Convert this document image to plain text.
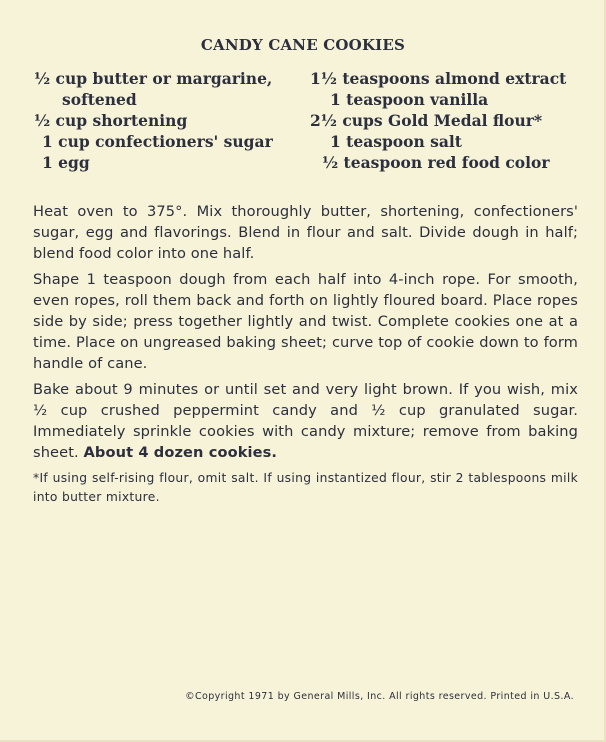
CANDY CANE COOKIES
½ cup butter or margarine,
softened
½ cup shortening
1 cup confectioners' sugar
1 egg
1½ teaspoons almond extract
1 teaspoon vanilla
2½ cups Gold Medal flour*
1 teaspoon salt
½ teaspoon red food color

Heat oven to 375°. Mix thoroughly butter, shortening, confectioners' sugar, egg and flavorings. Blend in flour and salt. Divide dough in half; blend food color into one half.

Shape 1 teaspoon dough from each half into 4-inch rope. For smooth, even ropes, roll them back and forth on lightly floured board. Place ropes side by side; press together lightly and twist. Complete cookies one at a time. Place on ungreased baking sheet; curve top of cookie down to form handle of cane.

Bake about 9 minutes or until set and very light brown. If you wish, mix ½ cup crushed peppermint candy and ½ cup granulated sugar. Immediately sprinkle cookies with candy mixture; remove from baking sheet. About 4 dozen cookies.

*If using self-rising flour, omit salt. If using instantized flour, stir 2 tablespoons milk into butter mixture.

©Copyright 1971 by General Mills, Inc. All rights reserved. Printed in U.S.A.
